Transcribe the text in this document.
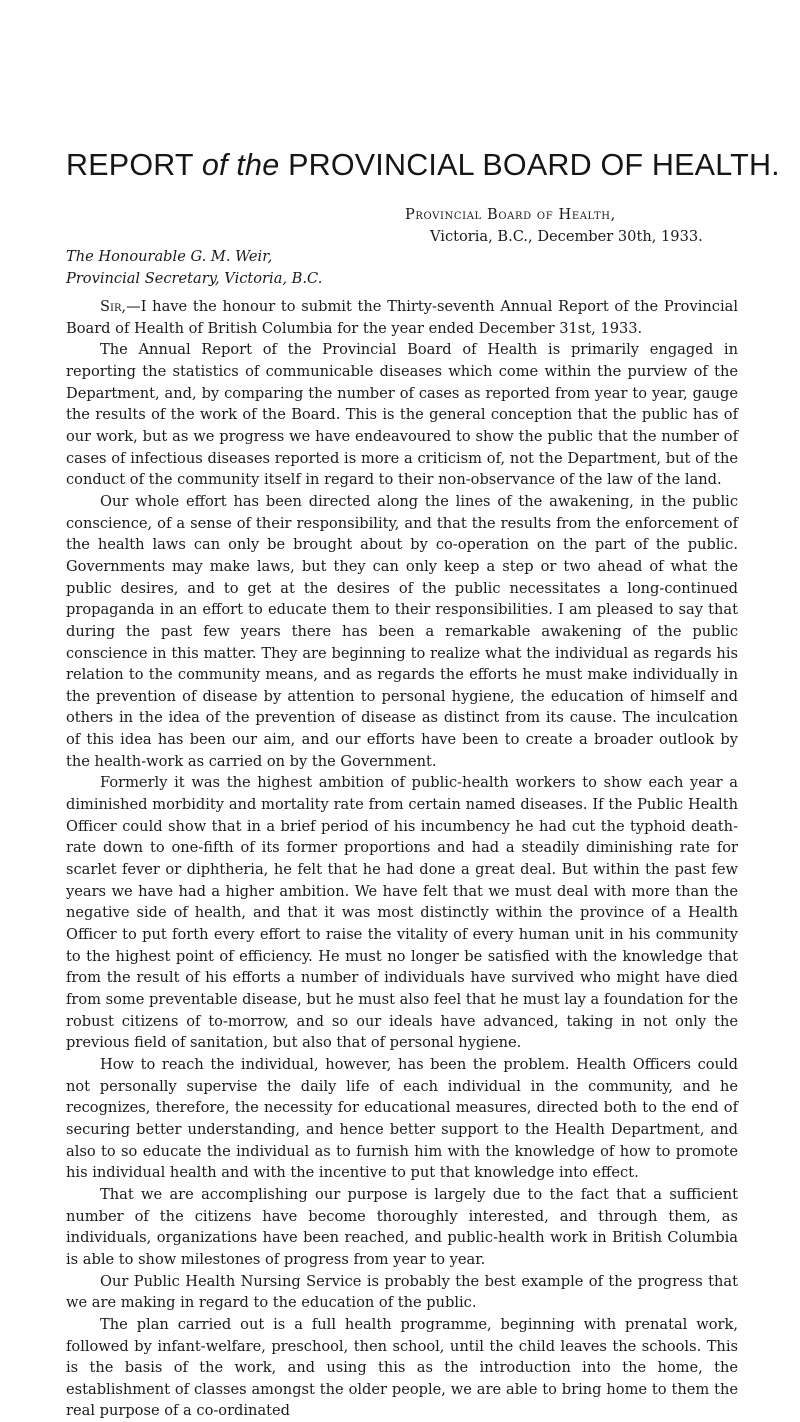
REPORT of the PROVINCIAL BOARD OF HEALTH.
Provincial Board of Health,
Victoria, B.C., December 30th, 1933.
The Honourable G. M. Weir,
Provincial Secretary, Victoria, B.C.

Sir,—I have the honour to submit the Thirty-seventh Annual Report of the Provincial Board of Health of British Columbia for the year ended December 31st, 1933.

The Annual Report of the Provincial Board of Health is primarily engaged in reporting the statistics of communicable diseases which come within the purview of the Department, and, by comparing the number of cases as reported from year to year, gauge the results of the work of the Board. This is the general conception that the public has of our work, but as we progress we have endeavoured to show the public that the number of cases of infectious diseases reported is more a criticism of, not the Department, but of the conduct of the community itself in regard to their non-observance of the law of the land.

Our whole effort has been directed along the lines of the awakening, in the public conscience, of a sense of their responsibility, and that the results from the enforcement of the health laws can only be brought about by co-operation on the part of the public. Governments may make laws, but they can only keep a step or two ahead of what the public desires, and to get at the desires of the public necessitates a long-continued propaganda in an effort to educate them to their responsibilities. I am pleased to say that during the past few years there has been a remarkable awakening of the public conscience in this matter. They are beginning to realize what the individual as regards his relation to the community means, and as regards the efforts he must make individually in the prevention of disease by attention to personal hygiene, the education of himself and others in the idea of the prevention of disease as distinct from its cause. The inculcation of this idea has been our aim, and our efforts have been to create a broader outlook by the health-work as carried on by the Government.

Formerly it was the highest ambition of public-health workers to show each year a diminished morbidity and mortality rate from certain named diseases. If the Public Health Officer could show that in a brief period of his incumbency he had cut the typhoid death-rate down to one-fifth of its former proportions and had a steadily diminishing rate for scarlet fever or diphtheria, he felt that he had done a great deal. But within the past few years we have had a higher ambition. We have felt that we must deal with more than the negative side of health, and that it was most distinctly within the province of a Health Officer to put forth every effort to raise the vitality of every human unit in his community to the highest point of efficiency. He must no longer be satisfied with the knowledge that from the result of his efforts a number of individuals have survived who might have died from some preventable disease, but he must also feel that he must lay a foundation for the robust citizens of to-morrow, and so our ideals have advanced, taking in not only the previous field of sanitation, but also that of personal hygiene.

How to reach the individual, however, has been the problem. Health Officers could not personally supervise the daily life of each individual in the community, and he recognizes, therefore, the necessity for educational measures, directed both to the end of securing better understanding, and hence better support to the Health Department, and also to so educate the individual as to furnish him with the knowledge of how to promote his individual health and with the incentive to put that knowledge into effect.

That we are accomplishing our purpose is largely due to the fact that a sufficient number of the citizens have become thoroughly interested, and through them, as individuals, organizations have been reached, and public-health work in British Columbia is able to show milestones of progress from year to year.

Our Public Health Nursing Service is probably the best example of the progress that we are making in regard to the education of the public.

The plan carried out is a full health programme, beginning with prenatal work, followed by infant-welfare, preschool, then school, until the child leaves the schools. This is the basis of the work, and using this as the introduction into the home, the establishment of classes amongst the older people, we are able to bring home to them the real purpose of a co-ordinated
